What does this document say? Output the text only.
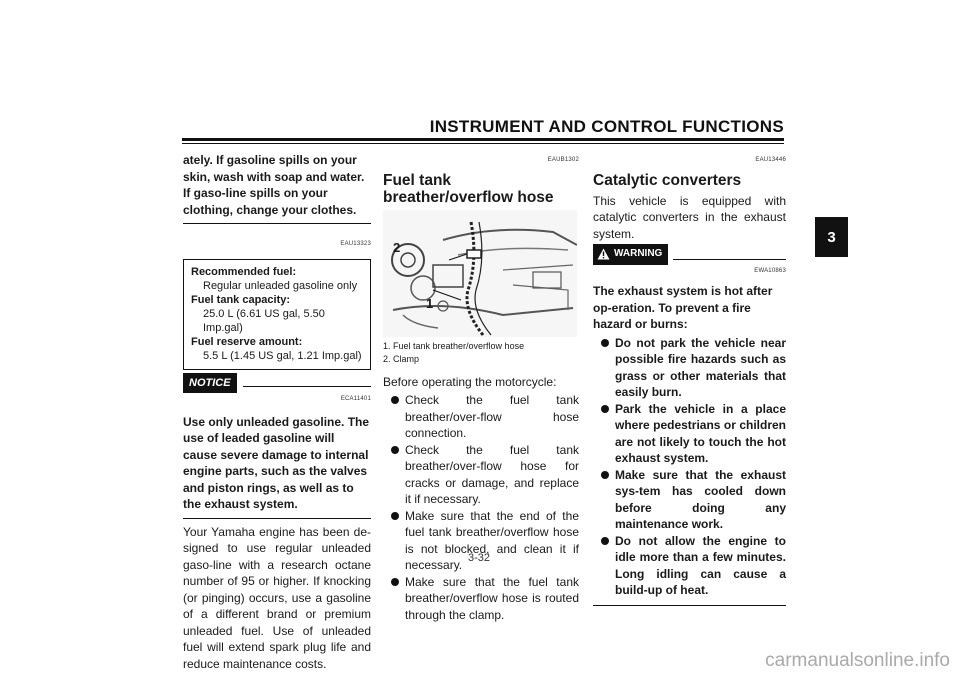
INSTRUMENT AND CONTROL FUNCTIONS
3

ately. If gasoline spills on your skin, wash with soap and water. If gaso-line spills on your clothing, change your clothes.

EAU13323
Recommended fuel:
Regular unleaded gasoline only
Fuel tank capacity:
25.0 L (6.61 US gal, 5.50 Imp.gal)
Fuel reserve amount:
5.5 L (1.45 US gal, 1.21 Imp.gal)
NOTICE
ECA11401

Use only unleaded gasoline. The use of leaded gasoline will cause severe damage to internal engine parts, such as the valves and piston rings, as well as to the exhaust system.

Your Yamaha engine has been de-signed to use regular unleaded gaso-line with a research octane number of 95 or higher. If knocking (or pinging) occurs, use a gasoline of a different brand or premium unleaded fuel. Use of unleaded fuel will extend spark plug life and reduce maintenance costs.

EAUB1302
Fuel tank breather/overflow hose
2
1
1. Fuel tank breather/overflow hose
2. Clamp

Before operating the motorcycle:

Check the fuel tank breather/over-flow hose connection.
Check the fuel tank breather/over-flow hose for cracks or damage, and replace it if necessary.
Make sure that the end of the fuel tank breather/overflow hose is not blocked, and clean it if necessary.
Make sure that the fuel tank breather/overflow hose is routed through the clamp.
EAU13446
Catalytic converters

This vehicle is equipped with catalytic converters in the exhaust system.

WARNING
EWA10863

The exhaust system is hot after op-eration. To prevent a fire hazard or burns:

Do not park the vehicle near possible fire hazards such as grass or other materials that easily burn.
Park the vehicle in a place where pedestrians or children are not likely to touch the hot exhaust system.
Make sure that the exhaust sys-tem has cooled down before doing any maintenance work.
Do not allow the engine to idle more than a few minutes. Long idling can cause a build-up of heat.
3-32
carmanualsonline.info
